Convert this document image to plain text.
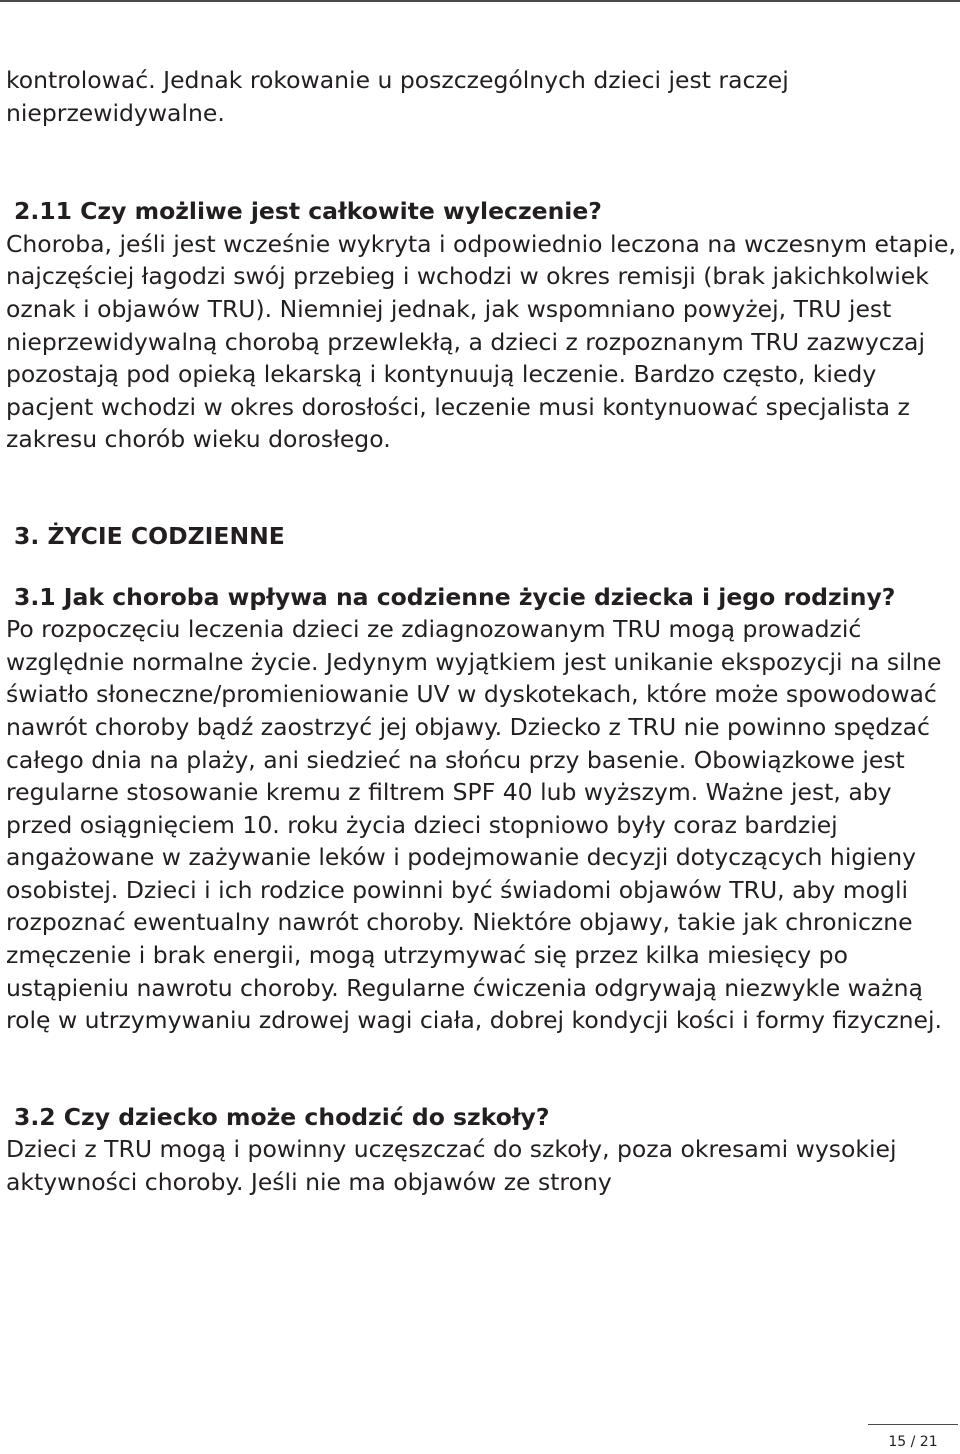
kontrolować. Jednak rokowanie u poszczególnych dzieci jest raczej nieprzewidywalne.

2.11 Czy możliwe jest całkowite wyleczenie?

Choroba, jeśli jest wcześnie wykryta i odpowiednio leczona na wczesnym etapie, najczęściej łagodzi swój przebieg i wchodzi w okres remisji (brak jakichkolwiek oznak i objawów TRU). Niemniej jednak, jak wspomniano powyżej, TRU jest nieprzewidywalną chorobą przewlekłą, a dzieci z rozpoznanym TRU zazwyczaj pozostają pod opieką lekarską i kontynuują leczenie. Bardzo często, kiedy pacjent wchodzi w okres dorosłości, leczenie musi kontynuować specjalista z zakresu chorób wieku dorosłego.

3. ŻYCIE CODZIENNE
3.1 Jak choroba wpływa na codzienne życie dziecka i jego rodziny?

Po rozpoczęciu leczenia dzieci ze zdiagnozowanym TRU mogą prowadzić względnie normalne życie. Jedynym wyjątkiem jest unikanie ekspozycji na silne światło słoneczne/promieniowanie UV w dyskotekach, które może spowodować nawrót choroby bądź zaostrzyć jej objawy. Dziecko z TRU nie powinno spędzać całego dnia na plaży, ani siedzieć na słońcu przy basenie. Obowiązkowe jest regularne stosowanie kremu z filtrem SPF 40 lub wyższym. Ważne jest, aby przed osiągnięciem 10. roku życia dzieci stopniowo były coraz bardziej angażowane w zażywanie leków i podejmowanie decyzji dotyczących higieny osobistej. Dzieci i ich rodzice powinni być świadomi objawów TRU, aby mogli rozpoznać ewentualny nawrót choroby. Niektóre objawy, takie jak chroniczne zmęczenie i brak energii, mogą utrzymywać się przez kilka miesięcy po ustąpieniu nawrotu choroby. Regularne ćwiczenia odgrywają niezwykle ważną rolę w utrzymywaniu zdrowej wagi ciała, dobrej kondycji kości i formy fizycznej.

3.2 Czy dziecko może chodzić do szkoły?

Dzieci z TRU mogą i powinny uczęszczać do szkoły, poza okresami wysokiej aktywności choroby. Jeśli nie ma objawów ze strony

15 / 21
